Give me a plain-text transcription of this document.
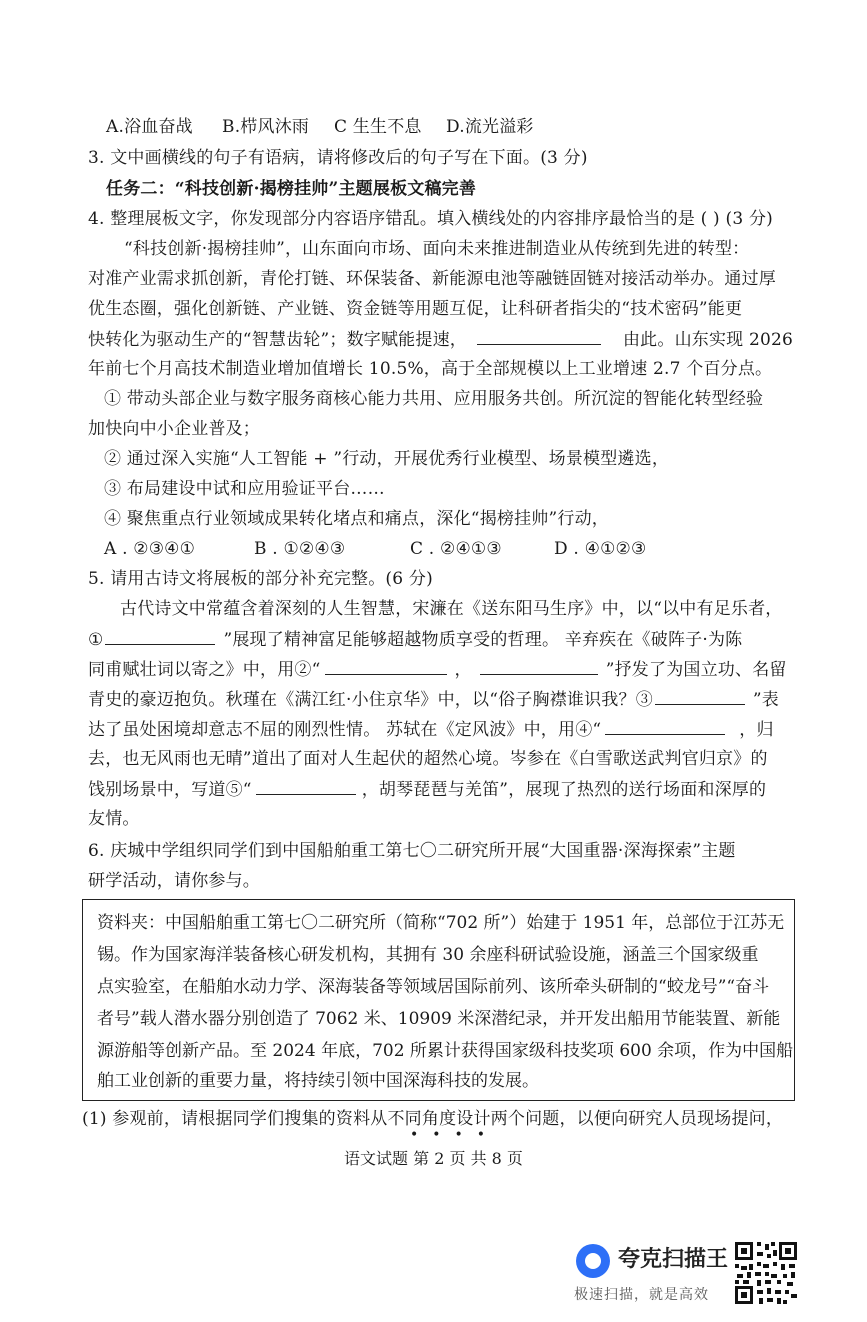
A.浴血奋战 B.栉风沐雨 C 生生不息 D.流光溢彩
3. 文中画横线的句子有语病，请将修改后的句子写在下面。(3 分)
任务二：“科技创新·揭榜挂帅”主题展板文稿完善
4. 整理展板文字，你发现部分内容语序错乱。填入横线处的内容排序最恰当的是 ( ) (3 分)
“科技创新·揭榜挂帅”，山东面向市场、面向未来推进制造业从传统到先进的转型：
对准产业需求抓创新，青伦打链、环保装备、新能源电池等融链固链对接活动举办。通过厚
优生态圈，强化创新链、产业链、资金链等用题互促，让科研者指尖的“技术密码”能更
快转化为驱动生产的“智慧齿轮”；数字赋能提速，	由此。山东实现 2026
年前七个月高技术制造业增加值增长 10.5%，高于全部规模以上工业增速 2.7 个百分点。
① 带动头部企业与数字服务商核心能力共用、应用服务共创。所沉淀的智能化转型经验
加快向中小企业普及；
② 通过深入实施“人工智能 + ”行动，开展优秀行业模型、场景模型遴选，
③ 布局建设中试和应用验证平台……
④ 聚焦重点行业领域成果转化堵点和痛点，深化“揭榜挂帅”行动，
A . ②③④①	B . ①②④③	C . ②④①③	D . ④①②③
5. 请用古诗文将展板的部分补充完整。(6 分)
古代诗文中常蕴含着深刻的人生智慧，宋濂在《送东阳马生序》中，以“以中有足乐者，
①	”展现了精神富足能够超越物质享受的哲理。 辛弃疾在《破阵子·为陈
同甫赋壮词以寄之》中，用②“	，	”抒发了为国立功、名留
青史的豪迈抱负。秋瑾在《满江红·小住京华》中，以“俗子胸襟谁识我？③	”表
达了虽处困境却意志不屈的刚烈性情。 苏轼在《定风波》中，用④“	，归
去，也无风雨也无晴”道出了面对人生起伏的超然心境。岑参在《白雪歌送武判官归京》的
饯别场景中，写道⑤“	，胡琴琵琶与羌笛”，展现了热烈的送行场面和深厚的
友情。
6. 庆城中学组织同学们到中国船舶重工第七〇二研究所开展“大国重器·深海探索”主题
研学活动，请你参与。
资料夹：中国船舶重工第七〇二研究所（简称“702 所”）始建于 1951 年，总部位于江苏无
锡。作为国家海洋装备核心研发机构，其拥有 30 余座科研试验设施，涵盖三个国家级重
点实验室，在船舶水动力学、深海装备等领域居国际前列、该所牵头研制的“蛟龙号”“奋斗
者号”载人潜水器分别创造了 7062 米、10909 米深潜纪录，并开发出船用节能装置、新能
源游船等创新产品。至 2024 年底，702 所累计获得国家级科技奖项 600 余项，作为中国船
舶工业创新的重要力量，将持续引领中国深海科技的发展。
(1) 参观前，请根据同学们搜集的资料从不同角度设计两个问题，以便向研究人员现场提问，
••••
语文试题 第 2 页 共 8 页
夸克扫描王
极速扫描，就是高效
